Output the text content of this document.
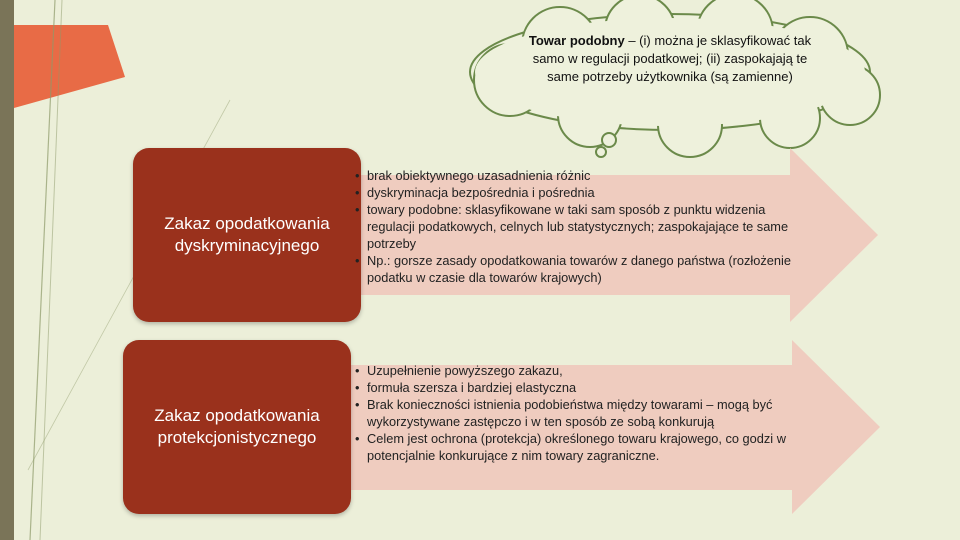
Towar podobny – (i) można je sklasyfikować tak samo w regulacji podatkowej; (ii) zaspokajają te same potrzeby użytkownika (są zamienne)
Zakaz opodatkowania dyskryminacyjnego
• brak obiektywnego uzasadnienia różnic
• dyskryminacja bezpośrednia i pośrednia
• towary podobne: sklasyfikowane w taki sam sposób z punktu widzenia regulacji podatkowych, celnych lub statystycznych; zaspokajające te same potrzeby
• Np.: gorsze zasady opodatkowania towarów z danego państwa (rozłożenie podatku w czasie dla towarów krajowych)
Zakaz opodatkowania protekcjonistycznego
• Uzupełnienie powyższego zakazu,
• formuła szersza i bardziej elastyczna
• Brak konieczności istnienia podobieństwa między towarami – mogą być wykorzystywane zastępczo i w ten sposób ze sobą konkurują
• Celem jest ochrona (protekcja) określonego towaru krajowego, co godzi w potencjalnie konkurujące z nim towary zagraniczne.
